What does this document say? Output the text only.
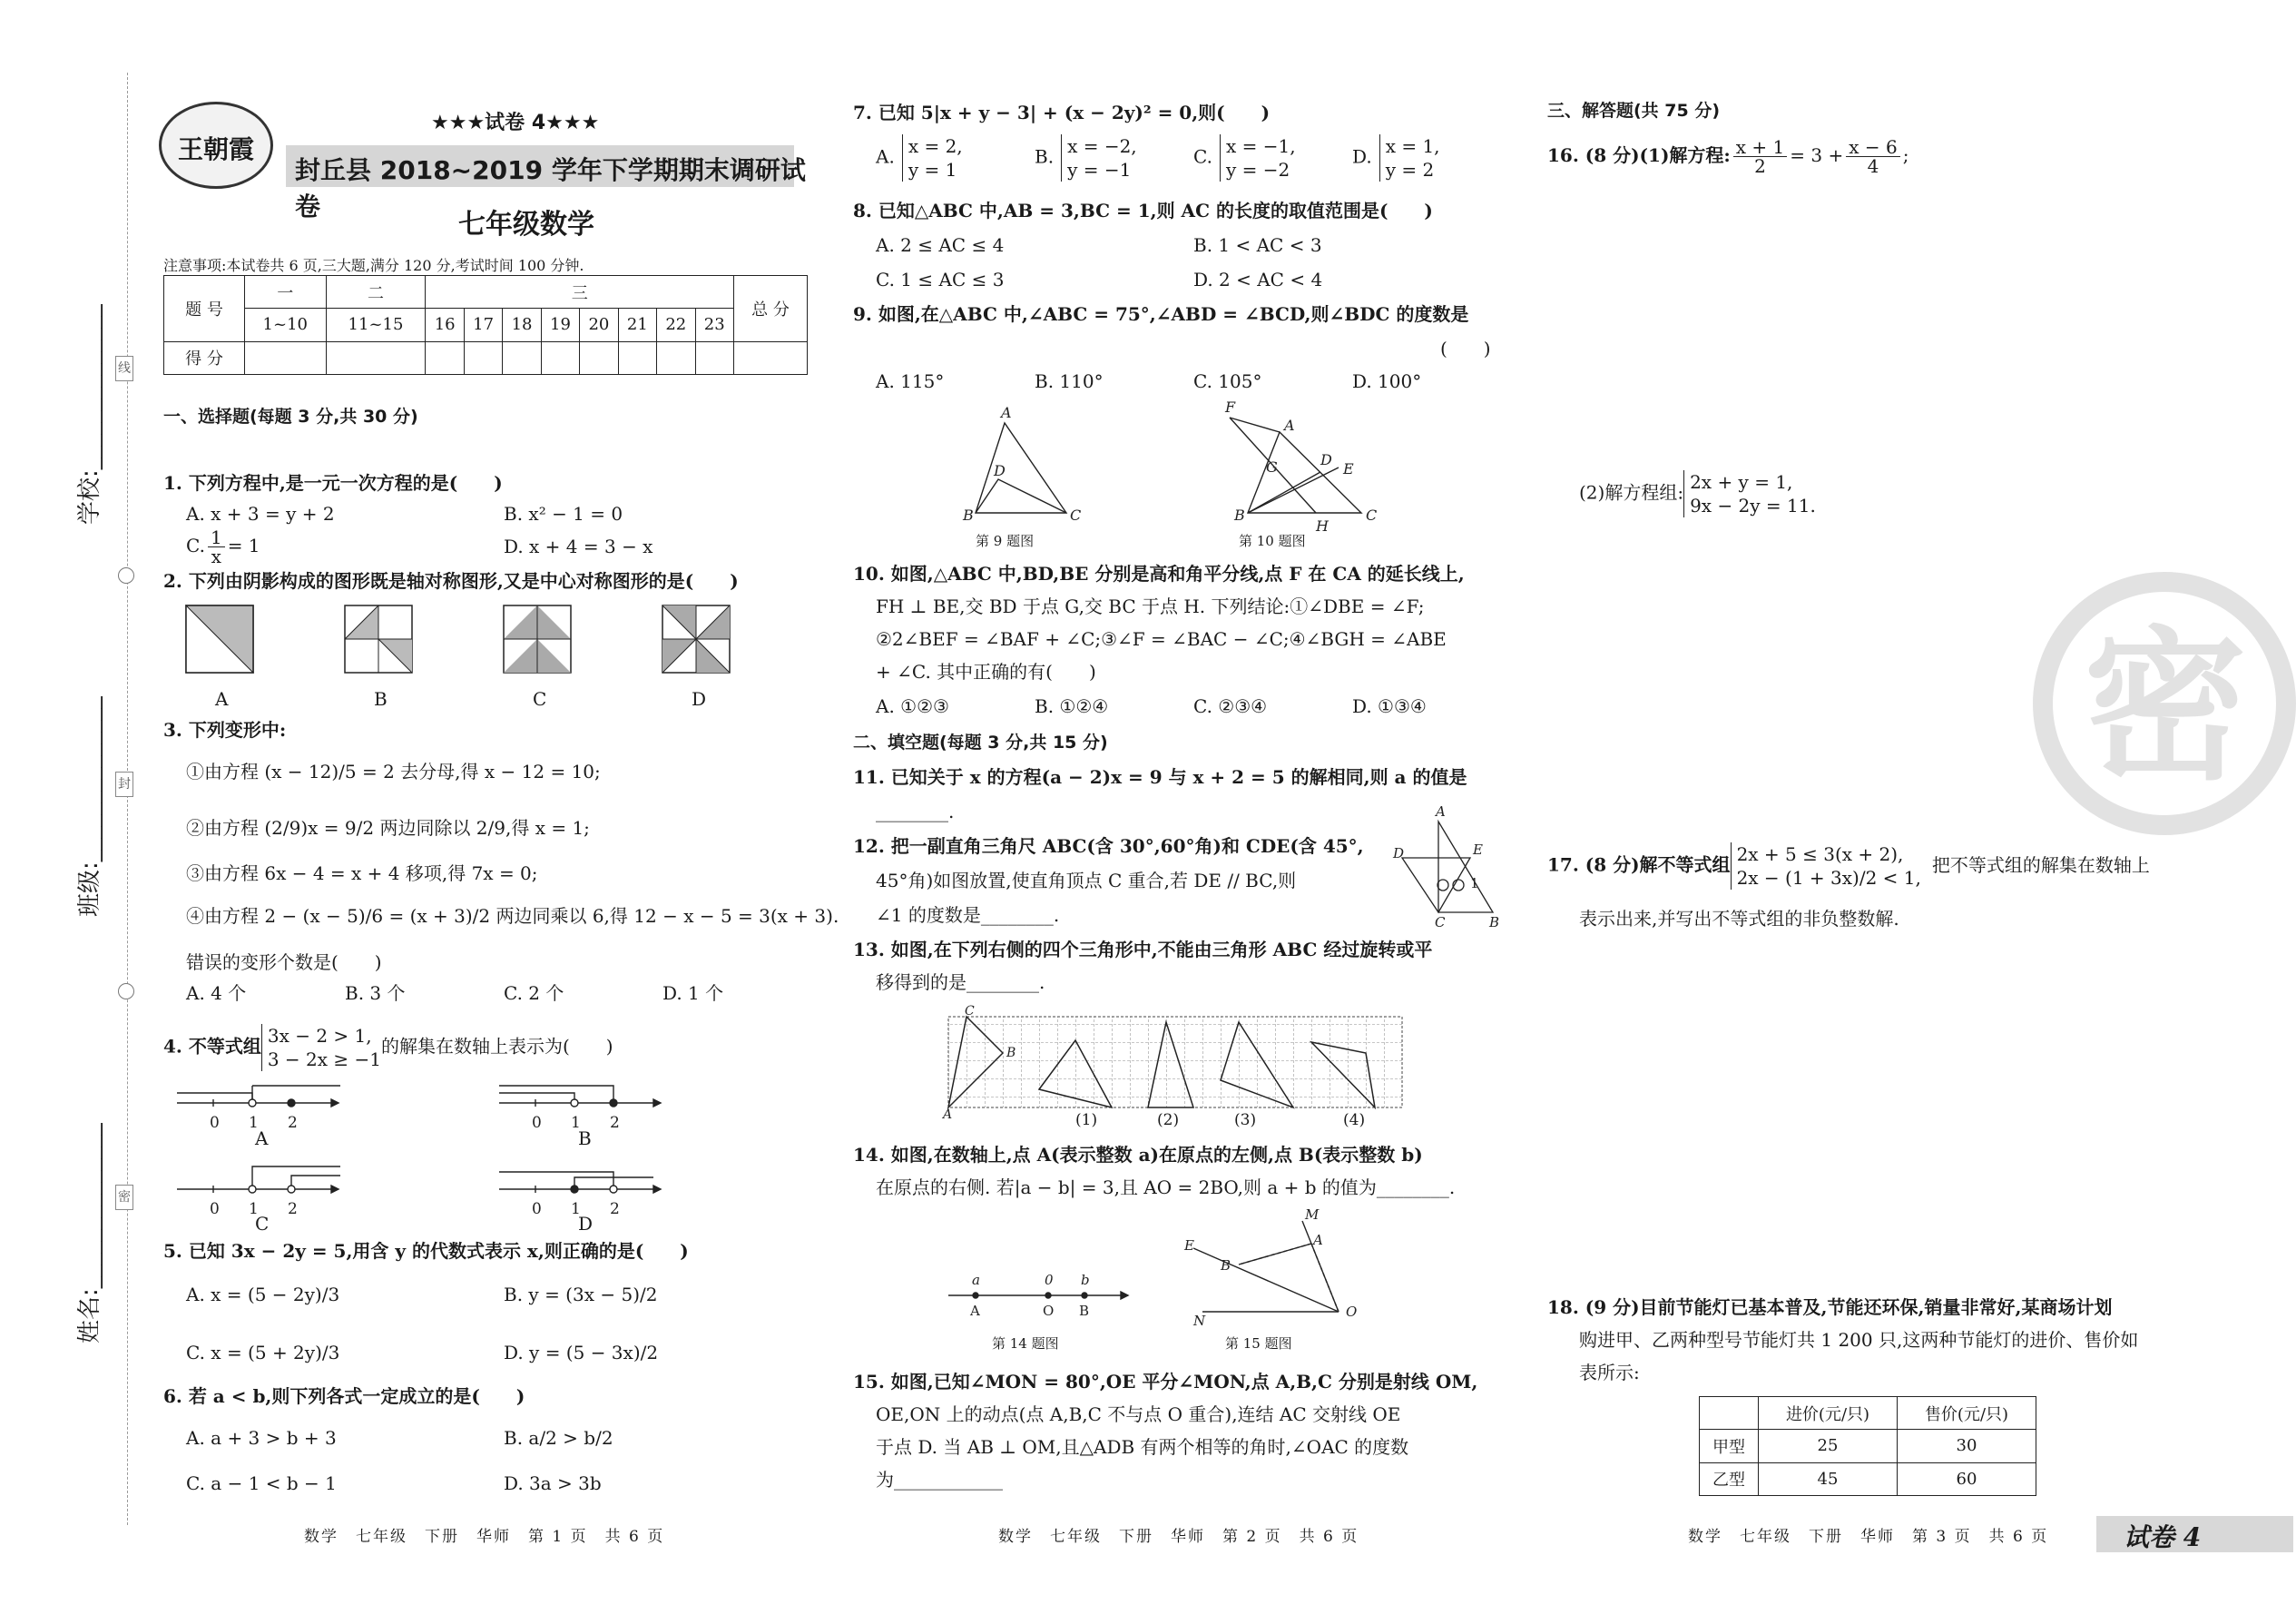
学校:______________
班级:______________
姓名:______________
线
封
密
王朝霞
★★★试卷 4★★★
封丘县 2018~2019 学年下学期期末调研试卷
七年级数学
注意事项:本试卷共 6 页,三大题,满分 120 分,考试时间 100 分钟.
题 号	一	二	三								总 分
	1~10	11~15	16	17	18	19	20	21	22	23	
得 分											
一、选择题(每题 3 分,共 30 分)
1. 下列方程中,是一元一次方程的是(　　)
A. x + 3 = y + 2	B. x² − 1 = 0
C. $\frac{1}{x} = 1$	D. x + 4 = 3 − x
2. 下列由阴影构成的图形既是轴对称图形,又是中心对称图形的是(　　)
A	B	C	D
3. 下列变形中:
①由方程 (x − 12)/5 = 2 去分母,得 x − 12 = 10;
②由方程 (2/9)x = 9/2 两边同除以 2/9,得 x = 1;
③由方程 6x − 4 = x + 4 移项,得 7x = 0;
④由方程 2 − (x − 5)/6 = (x + 3)/2 两边同乘以 6,得 12 − x − 5 = 3(x + 3).
错误的变形个数是(　　)
A. 4 个	B. 3 个	C. 2 个	D. 1 个
4. 不等式组 3x − 2 > 1,
3 − 2x ≥ −1的解集在数轴上表示为(　　)
0 1 2	0 1 2
0 1 2	0 1 2
A	B
C	D
5. 已知 3x − 2y = 5,用含 y 的代数式表示 x,则正确的是(　　)
A. x = (5 − 2y)/3	B. y = (3x − 5)/2
C. x = (5 + 2y)/3	D. y = (5 − 3x)/2
6. 若 a < b,则下列各式一定成立的是(　　)
A. a + 3 > b + 3	B. a/2 > b/2
C. a − 1 < b − 1	D. 3a > 3b
数学　七年级　下册　华师　第 1 页　共 6 页
7. 已知 5|x + y − 3| + (x − 2y)² = 0,则(　　)
A. x = 2,
y = 1
B. x = −2,
y = −1
C. x = −1,
y = −2
D. x = 1,
y = 2
8. 已知△ABC 中,AB = 3,BC = 1,则 AC 的长度的取值范围是(　　)
A. 2 ≤ AC ≤ 4	B. 1 < AC < 3
C. 1 ≤ AC ≤ 3	D. 2 < AC < 4
9. 如图,在△ABC 中,∠ABC = 75°,∠ABD = ∠BCD,则∠BDC 的度数是
(　　)
A. 115°	B. 110°	C. 105°	D. 100°
A
B	C
D
F
A
G	D
E
B	C
H
第 9 题图	第 10 题图
10. 如图,△ABC 中,BD,BE 分别是高和角平分线,点 F 在 CA 的延长线上,
FH ⊥ BE,交 BD 于点 G,交 BC 于点 H. 下列结论:①∠DBE = ∠F;
②2∠BEF = ∠BAF + ∠C;③∠F = ∠BAC − ∠C;④∠BGH = ∠ABE
+ ∠C. 其中正确的有(　　)
A. ①②③	B. ①②④	C. ②③④	D. ①③④
二、填空题(每题 3 分,共 15 分)
11. 已知关于 x 的方程(a − 2)x = 9 与 x + 2 = 5 的解相同,则 a 的值是
________.
12. 把一副直角三角尺 ABC(含 30°,60°角)和 CDE(含 45°,
45°角)如图放置,使直角顶点 C 重合,若 DE // BC,则
∠1 的度数是________.
A
D	E
1
C	B
13. 如图,在下列右侧的四个三角形中,不能由三角形 ABC 经过旋转或平
移得到的是________.
C
A
B
(1)	(2)	(3)	(4)
14. 如图,在数轴上,点 A(表示整数 a)在原点的左侧,点 B(表示整数 b)
在原点的右侧. 若|a − b| = 3,且 AO = 2BO,则 a + b 的值为________.
a	0 b
A	O B
E
B
M
A
O
N
第 14 题图	第 15 题图
15. 如图,已知∠MON = 80°,OE 平分∠MON,点 A,B,C 分别是射线 OM,
OE,ON 上的动点(点 A,B,C 不与点 O 重合),连结 AC 交射线 OE
于点 D. 当 AB ⊥ OM,且△ADB 有两个相等的角时,∠OAC 的度数
为____________
数学　七年级　下册　华师　第 2 页　共 6 页
三、解答题(共 75 分)
16. (8 分)(1)解方程: $\frac{x + 1}{2} = 3 + \frac{x - 6}{4}$ ;
(2)解方程组: 2x + y = 1,
9x − 2y = 11.
密
17. (8 分)解不等式组 2x + 5 ≤ 3(x + 2),
2x − (1 + 3x)/2 < 1,把不等式组的解集在数轴上
表示出来,并写出不等式组的非负整数解.
18. (9 分)目前节能灯已基本普及,节能还环保,销量非常好,某商场计划
购进甲、乙两种型号节能灯共 1 200 只,这两种节能灯的进价、售价如
表所示:
	进价(元/只)	售价(元/只)
甲型	25	30
乙型	45	60
数学　七年级　下册　华师　第 3 页　共 6 页	试卷 4
